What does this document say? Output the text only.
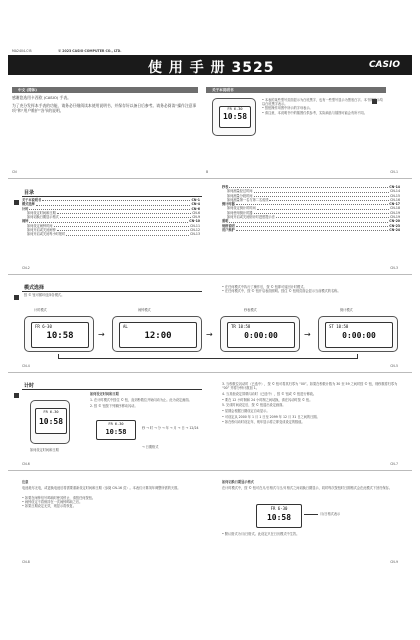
MA2404-C·B	© 2023 CASIO COMPUTER CO., LTD.
使 用 手 册 3525	CASIO
中文 (简体)
感谢您选用卡西欧 (CASIO) 手表。
为了充分发挥本手表的功能，请务必仔细阅读本使用说明书，并保存好以备日后参考。请务必阅读“操作注意事项”和“用户维护”各节的说明。
CN
关于本说明书
FR 6-30
10:58
• 本表的某些型号页面显示为白底黑字，也有一些型号显示为黑底白字。本书的图示均以白底黑字表示。
• 按钮操作用图中所示的字母表示。
• 请注意，本说明书中的插图仅供参考，实际商品与插图可能会有所不同。
B	CN-1
目录
关于本说明书	CN-1
模式选择	CN-4
计时	CN-6
如何设定时间和日期	CN-6
如何切换日期显示格式	CN-9
闹钟	CN-10
如何设定闹钟时间	CN-11
如何开启或关闭闹钟	CN-12
如何开启或关闭每小时报时	CN-13
秒表	CN-14
如何测量经过时间	CN-14
如何测量分段时间	CN-15
如何测量第一名与第二名成绩	CN-16
倒计时器	CN-17
如何设定倒计时时间	CN-18
如何使用倒计时器	CN-19
如何开启或关闭倒计时进度提示音	CN-19
照明	CN-20
规格说明	CN-23
用户维护	CN-24
CN-2	CN-3
模式选择
按 © 钮可循环选择各模式。
• 在任何模式中执行了操作后，按 © 钮即可返回计时模式。
• 在任何模式中，按 © 钮开启表面照明。按住 © 钮则页面会显示当前模式的名称。
计时模式	闹钟模式	秒表模式	倒计模式
FR 6-30
10:58	→
AL
12:00	→
TR 10:58
0:00:00	→
ST 10:58
0:00:00
CN-4	CN-5
计时
FR 6-30
10:58
如何设定时间和日期
1. 在计时模式中按住 © 钮，直到秒数位开始闪动为止。此为设定画面。
2. 按 © 钮按下列顺序移动闪动。
FR 6-30
10:58	秒 → 时 → 分 → 年 → 月 → 日 → 12/24 → 日期格式
如何设定时间和日期
3. 当秒数位闪动时（已选中），按 © 钮可将其归零为 “00”。如果在秒数计数为 30 至 59 之间时按 © 钮，则秒数将归零为 “00” 并将分钟计数加 1。
4. 当其他设定屏幕闪动时（已选中），按 © 钮或 © 钮进行修改。
• 要在 12 小时制和 24 小时制之间切换，请在闪动时按 © 钮。
5. 完成时间设定后，按 © 钮退出设定画面。
• 星期会根据日期设定自动显示。
• 可设定从 2000 年 1 月 1 日至 2099 年 12 月 31 日之间的日期。
• 如在秒闪动时设定年，则年显示将立即变成设定的数值。
CN-6	CN-7
注意
电池耗尽无电，或更换电池后将需要重新设定时间和日期（参阅 CN-16 页）。本表仅计算闰年调整所需的天数。
• 如要在闹钟信号鸣响时使其停止，请按任何按钮。
• 闹钟设定不将保持在一次闹钟鸣响之后。
• 如果日期设定无效，则显示将恢复。
如何切换日期显示格式
在计时模式中，按 © 钮可在月/日格式与日/月格式之间切换日期显示，同时每次按钮时日期格式会在此模式下回归保存。
FR 6-30
10:58	月/日格式表示
• 默认格式为月/日格式。此设定只在日历模式中生效。
CN-8	CN-9
